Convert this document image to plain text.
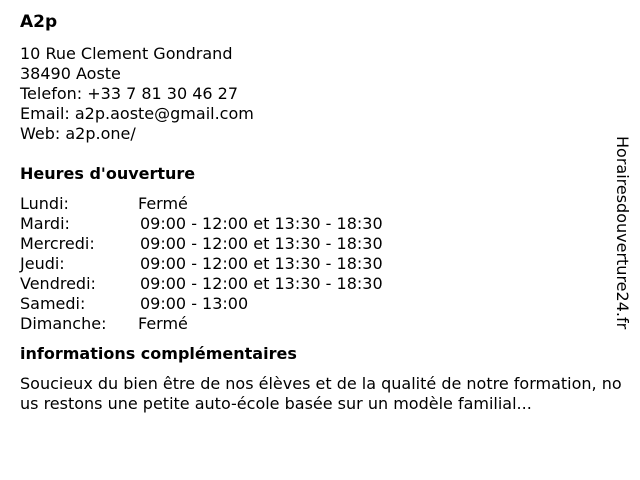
A2p
10 Rue Clement Gondrand
38490 Aoste
Telefon: +33 7 81 30 46 27
Email: a2p.aoste@gmail.com
Web: a2p.one/
Heures d'ouverture
Lundi:	Fermé
Mardi:	09:00 - 12:00 et 13:30 - 18:30
Mercredi:	09:00 - 12:00 et 13:30 - 18:30
Jeudi:	09:00 - 12:00 et 13:30 - 18:30
Vendredi:	09:00 - 12:00 et 13:30 - 18:30
Samedi:	09:00 - 13:00
Dimanche: Fermé
informations complémentaires
Soucieux du bien être de nos élèves et de la qualité de notre formation, nous restons une petite auto-école basée sur un modèle familial...
Horairesdouverture24.fr
